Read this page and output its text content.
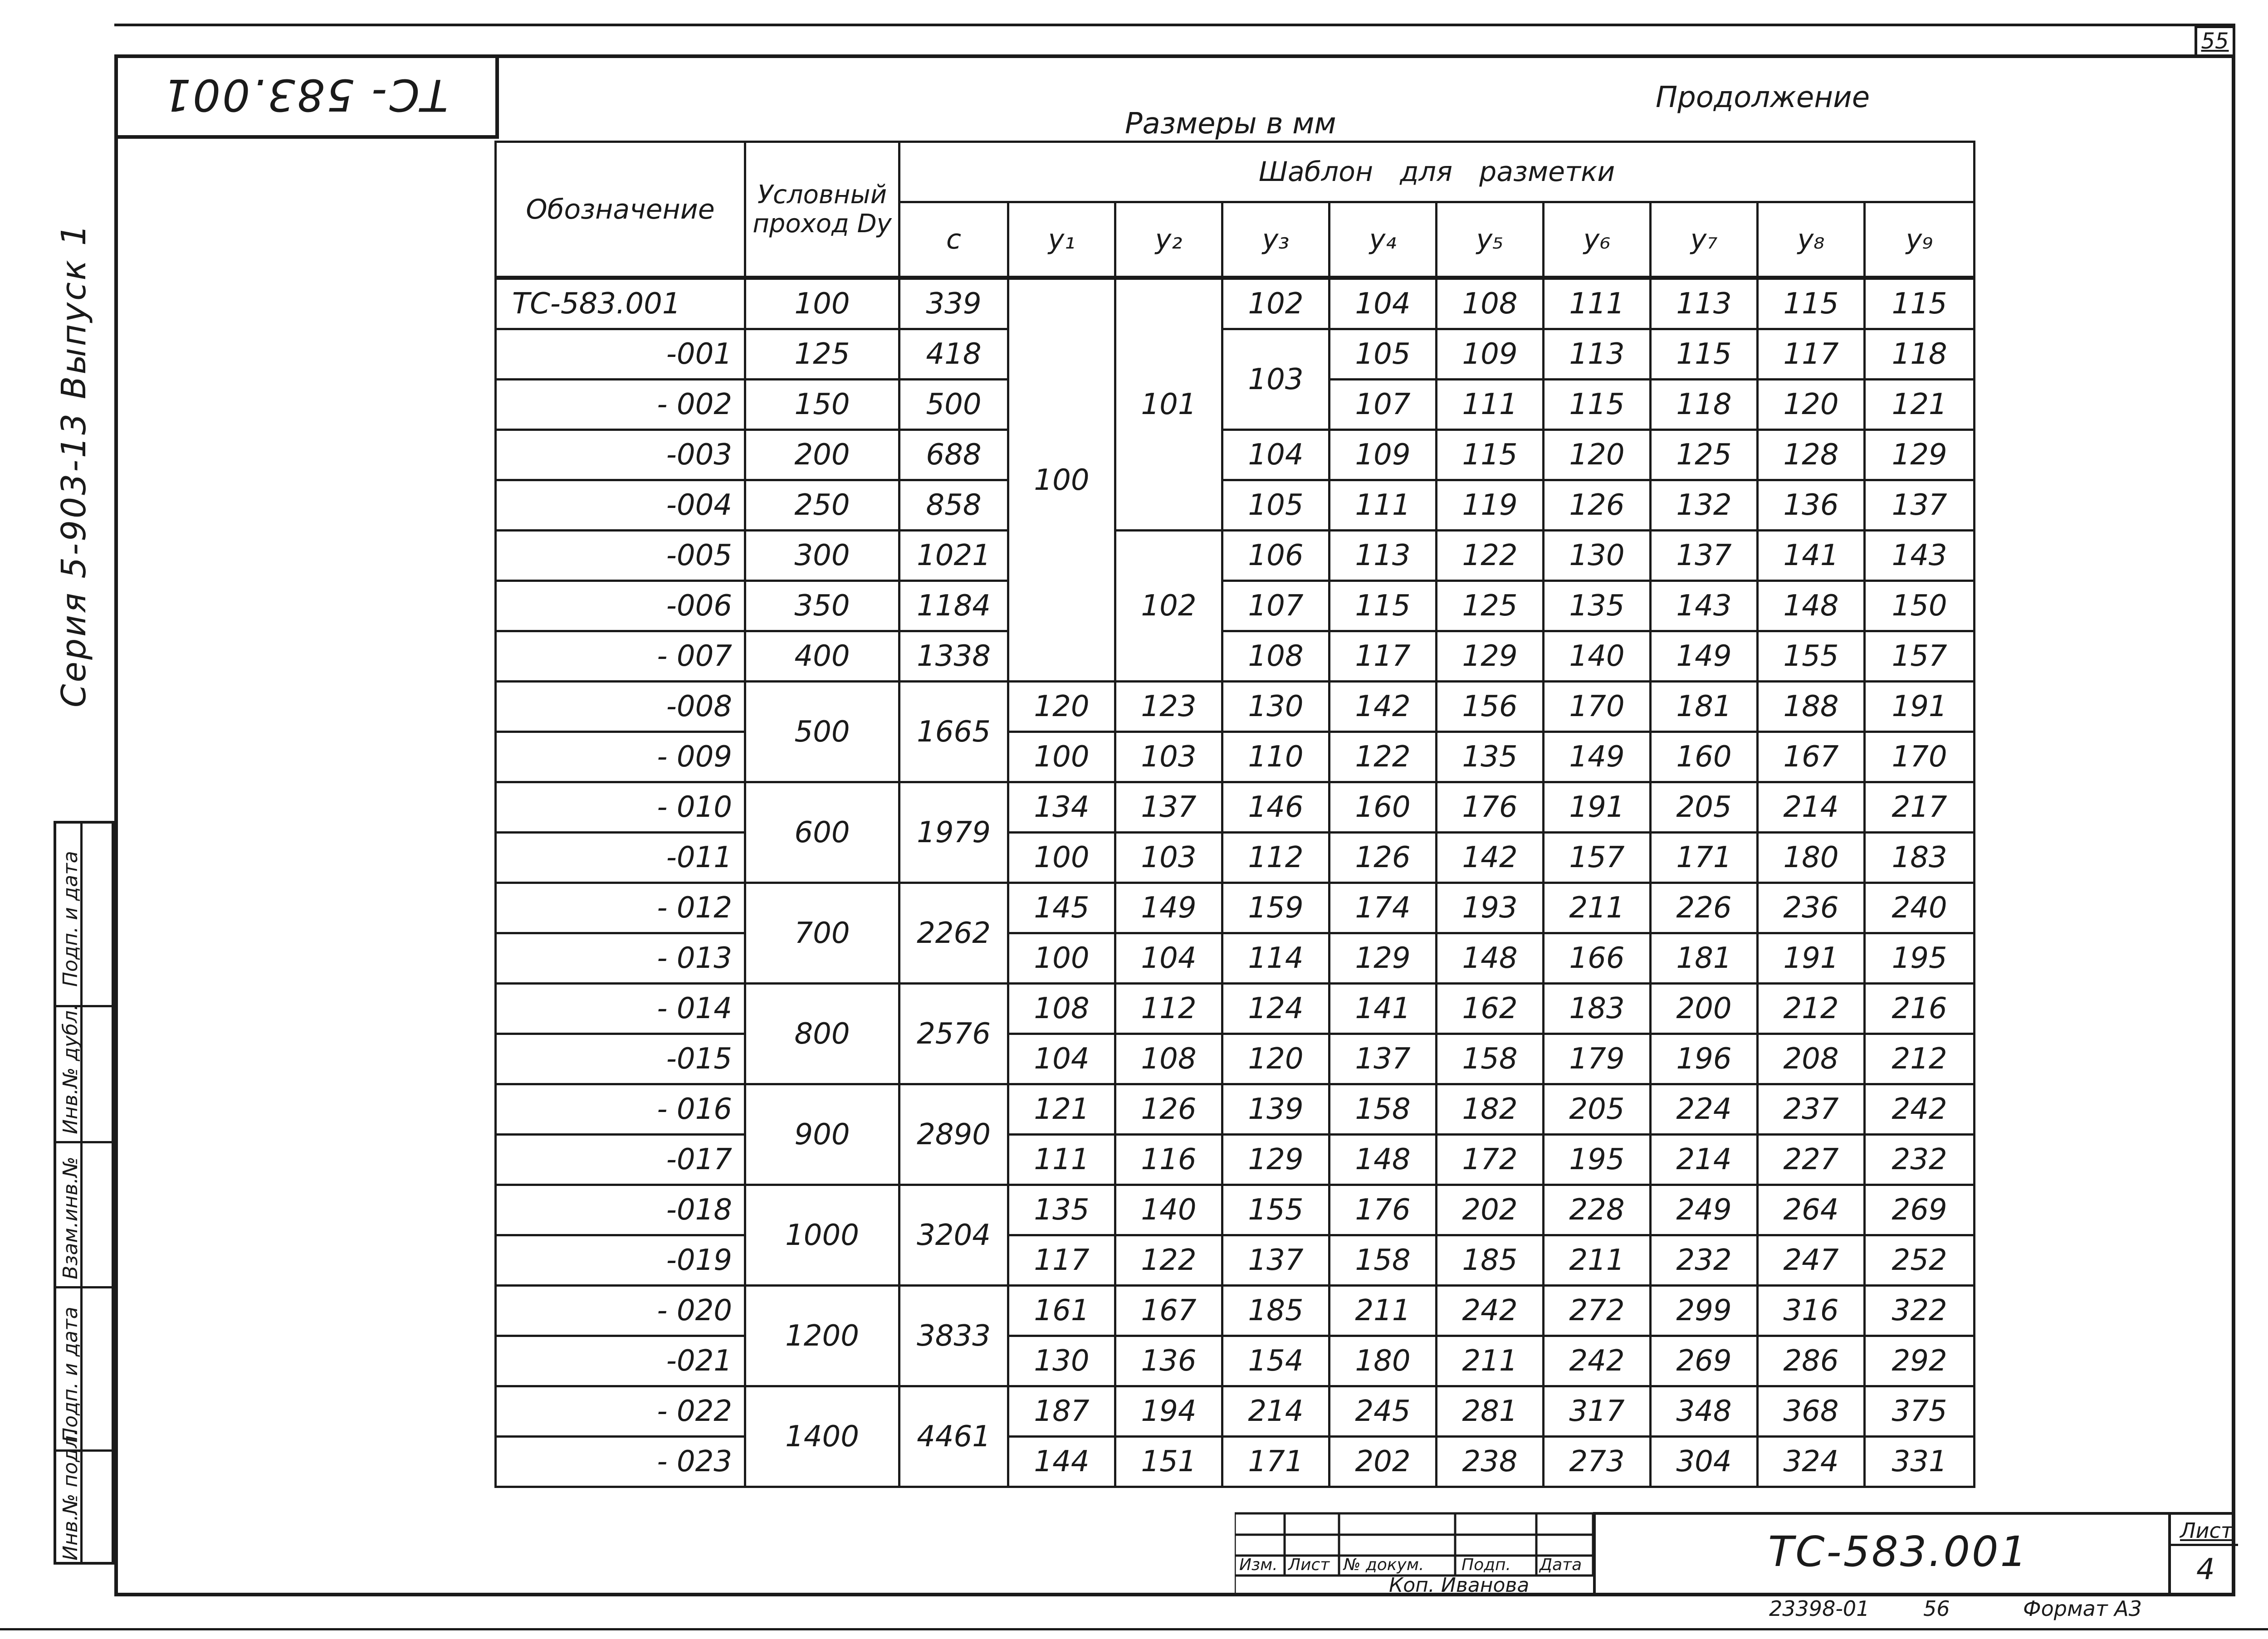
55
ТС- 583.001
Размеры в мм
Продолжение
Серия 5-903-13 Выпуск 1
Подп. и дата
Инв.№ дубл.
Взам.инв.№
Подп. и дата
Инв.№ подл.
Обозначение	Условный проход Dy	Шаблон для разметки									
		с	y₁	y₂	y₃	y₄	y₅	y₆	y₇	y₈	y₉
ТС-583.001	100	339	100	101	102	104	108	111	113	115	115
-001	125	418			103	105	109	113	115	117	118
- 002	150	500				107	111	115	118	120	121
-003	200	688			104	109	115	120	125	128	129
-004	250	858			105	111	119	126	132	136	137
-005	300	1021		102	106	113	122	130	137	141	143
-006	350	1184			107	115	125	135	143	148	150
- 007	400	1338			108	117	129	140	149	155	157
-008	500	1665	120	123	130	142	156	170	181	188	191
- 009			100	103	110	122	135	149	160	167	170
- 010	600	1979	134	137	146	160	176	191	205	214	217
-011			100	103	112	126	142	157	171	180	183
- 012	700	2262	145	149	159	174	193	211	226	236	240
- 013			100	104	114	129	148	166	181	191	195
- 014	800	2576	108	112	124	141	162	183	200	212	216
-015			104	108	120	137	158	179	196	208	212
- 016	900	2890	121	126	139	158	182	205	224	237	242
-017			111	116	129	148	172	195	214	227	232
-018	1000	3204	135	140	155	176	202	228	249	264	269
-019			117	122	137	158	185	211	232	247	252
- 020	1200	3833	161	167	185	211	242	272	299	316	322
-021			130	136	154	180	211	242	269	286	292
- 022	1400	4461	187	194	214	245	281	317	348	368	375
- 023			144	151	171	202	238	273	304	324	331
Изм. Лист № докум. Подп. Дата
Коп. Иванова
ТС-583.001	Лист
4
23398-01	56	Формат А3
